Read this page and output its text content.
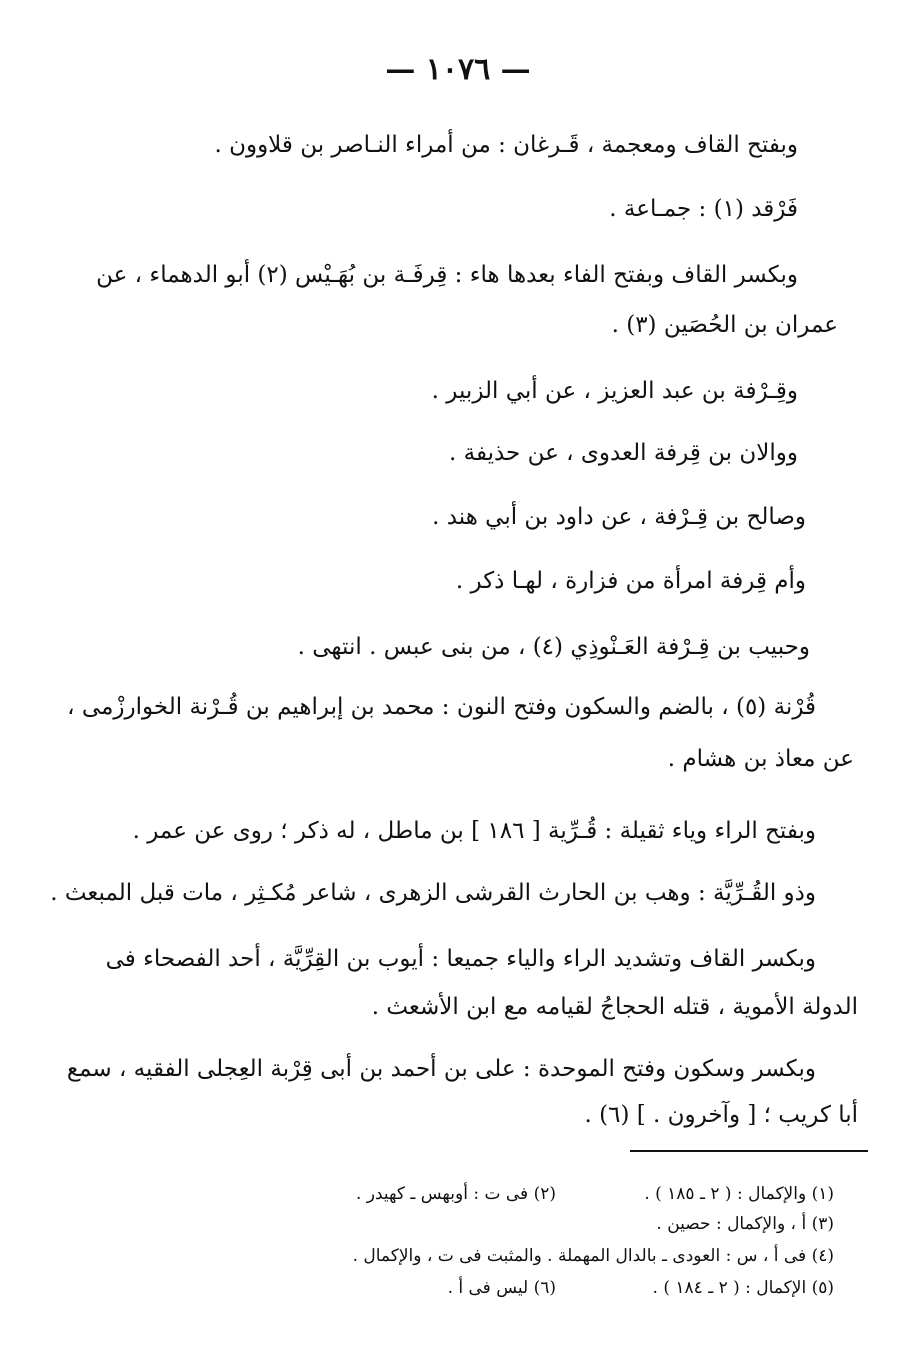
— ١٠٧٦ —
وبفتح القاف ومعجمة ، قَـرغان : من أمراء النـاصر بن قلاوون .
فَرْقد (١) : جمـاعة .
وبكسر القاف وبفتح الفاء بعدها هاء : قِرفَـة بن بُهَـيْس (٢) أبو الدهماء ، عن
عمران بن الحُصَين (٣) .
وقِـرْفة بن عبد العزيز ، عن أبي الزبير .
ووالان بن قِرفة العدوى ، عن حذيفة .
وصالح بن قِـرْفة ، عن داود بن أبي هند .
وأم قِرفة امرأة من فزارة ، لهـا ذكر .
وحبيب بن قِـرْفة العَـنْوذِي (٤) ، من بنى عبس . انتهى .
قُرْنة (٥) ، بالضم والسكون وفتح النون : محمد بن إبراهيم بن قُـرْنة الخوارزْمى ،
عن معاذ بن هشام .
وبفتح الراء وياء ثقيلة : قُـرِّية [ ١٨٦ ] بن ماطل ، له ذكر ؛ روى عن عمر .
وذو القُـرِّيَّة : وهب بن الحارث القرشى الزهرى ، شاعر مُكـثِر ، مات قبل المبعث .
وبكسر القاف وتشديد الراء والياء جميعا : أيوب بن القِرِّيَّة ، أحد الفصحاء فى
الدولة الأموية ، قتله الحجاجُ لقيامه مع ابن الأشعث .
وبكسر وسكون وفتح الموحدة : على بن أحمد بن أبى قِرْبة العِجلى الفقيه ، سمع
أبا كريب ؛ [ وآخرون . ] (٦) .
(١) والإكمال : ( ٢ ـ ١٨٥ ) .
(٢) فى ت : أوبهس ـ كهيدر .
(٣) أ ، والإكمال : حصين .
(٤) فى أ ، س : العودى ـ بالدال المهملة . والمثبت فى ت ، والإكمال .
(٥) الإكمال : ( ٢ ـ ١٨٤ ) .
(٦) ليس فى أ .
